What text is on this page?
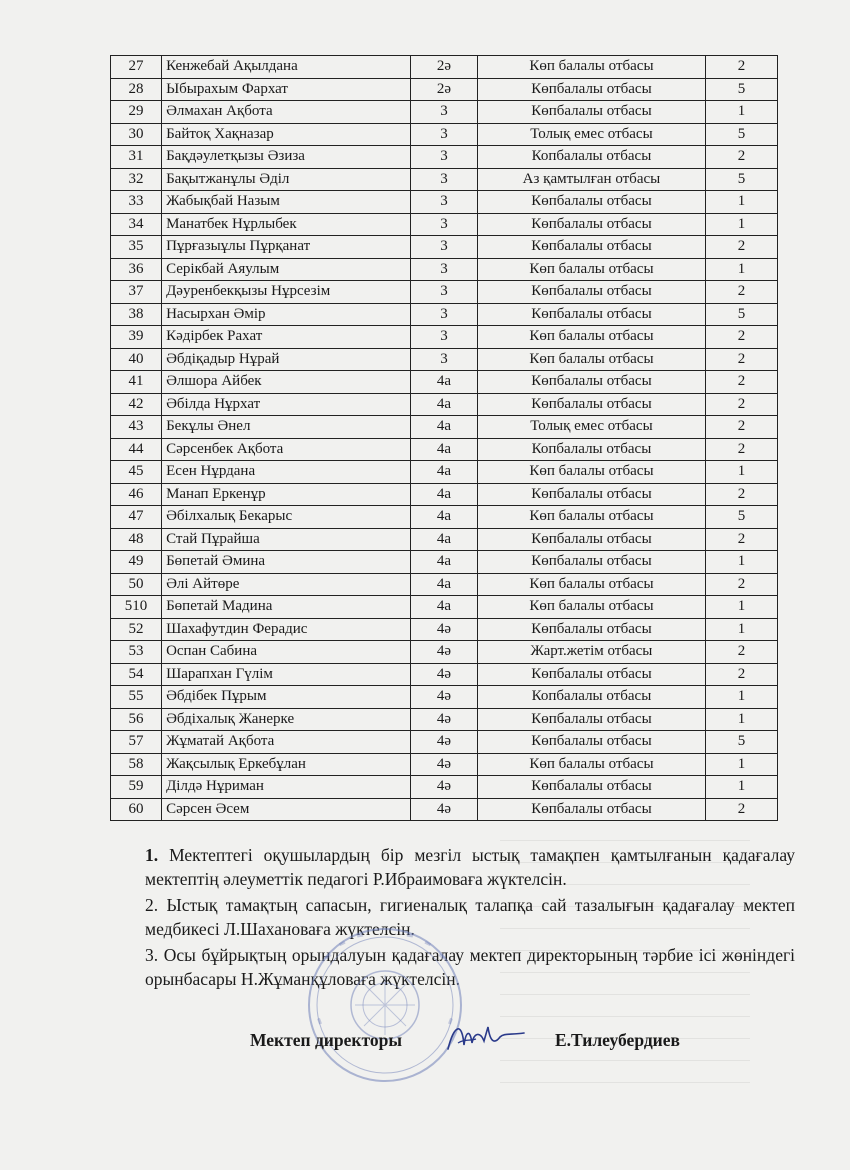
27	Кенжебай Ақылдана	2ә	Көп балалы отбасы	2
28	Ыбырахым Фархат	2ә	Көпбалалы отбасы	5
29	Әлмахан Ақбота	3	Көпбалалы отбасы	1
30	Байтоқ Хақназар	3	Толық емес отбасы	5
31	Бақдәулетқызы Әзиза	3	Копбалалы отбасы	2
32	Бақытжанұлы Әділ	3	Аз қамтылған отбасы	5
33	Жабықбай Назым	3	Көпбалалы отбасы	1
34	Манатбек Нұрлыбек	3	Көпбалалы отбасы	1
35	Пұрғазыұлы Пұрқанат	3	Көпбалалы отбасы	2
36	Серікбай Аяулым	3	Көп балалы отбасы	1
37	Дәуренбекқызы Нұрсезім	3	Көпбалалы отбасы	2
38	Насырхан Әмір	3	Көпбалалы отбасы	5
39	Кәдірбек Рахат	3	Көп балалы отбасы	2
40	Әбдіқадыр Нұрай	3	Көп балалы отбасы	2
41	Әлшора Айбек	4а	Көпбалалы отбасы	2
42	Әбілда Нұрхат	4а	Көпбалалы отбасы	2
43	Бекұлы Әнел	4а	Толық емес отбасы	2
44	Сәрсенбек Ақбота	4а	Копбалалы отбасы	2
45	Есен Нұрдана	4а	Көп балалы отбасы	1
46	Манап Еркенұр	4а	Көпбалалы отбасы	2
47	Әбілхалық Бекарыс	4а	Көп балалы отбасы	5
48	Стай Пұрайша	4а	Көпбалалы отбасы	2
49	Бөпетай Әмина	4а	Көпбалалы отбасы	1
50	Әлі Айтөре	4а	Көп балалы отбасы	2
510	Бөпетай Мадина	4а	Көп балалы отбасы	1
52	Шахафутдин Ферадис	4ә	Көпбалалы отбасы	1
53	Оспан Сабина	4ә	Жарт.жетім отбасы	2
54	Шарапхан Гүлім	4ә	Көпбалалы отбасы	2
55	Әбдібек Пұрым	4ә	Копбалалы отбасы	1
56	Әбдіхалық Жанерке	4ә	Көпбалалы отбасы	1
57	Жұматай Ақбота	4ә	Көпбалалы отбасы	5
58	Жақсылық Еркебұлан	4ә	Көп балалы отбасы	1
59	Ділдә Нұриман	4ә	Көпбалалы отбасы	1
60	Сәрсен Әсем	4ә	Көпбалалы отбасы	2

1. Мектептегі оқушылардың бір мезгіл ыстық тамақпен қамтылғанын қадағалау мектептің әлеуметтік педагогі Р.Ибраимоваға жүктелсін.

2. Ыстық тамақтың сапасын, гигиеналық талапқа сай тазалығын қадағалау мектеп медбикесі Л.Шахановаға жүктелсін.

3. Осы бұйрықтың орындалуын қадағалау мектеп директорының тәрбие ісі жөніндегі орынбасары Н.Жұманқұловаға жүктелсін.

Мектеп директоры	Е.Тилеубердиев
